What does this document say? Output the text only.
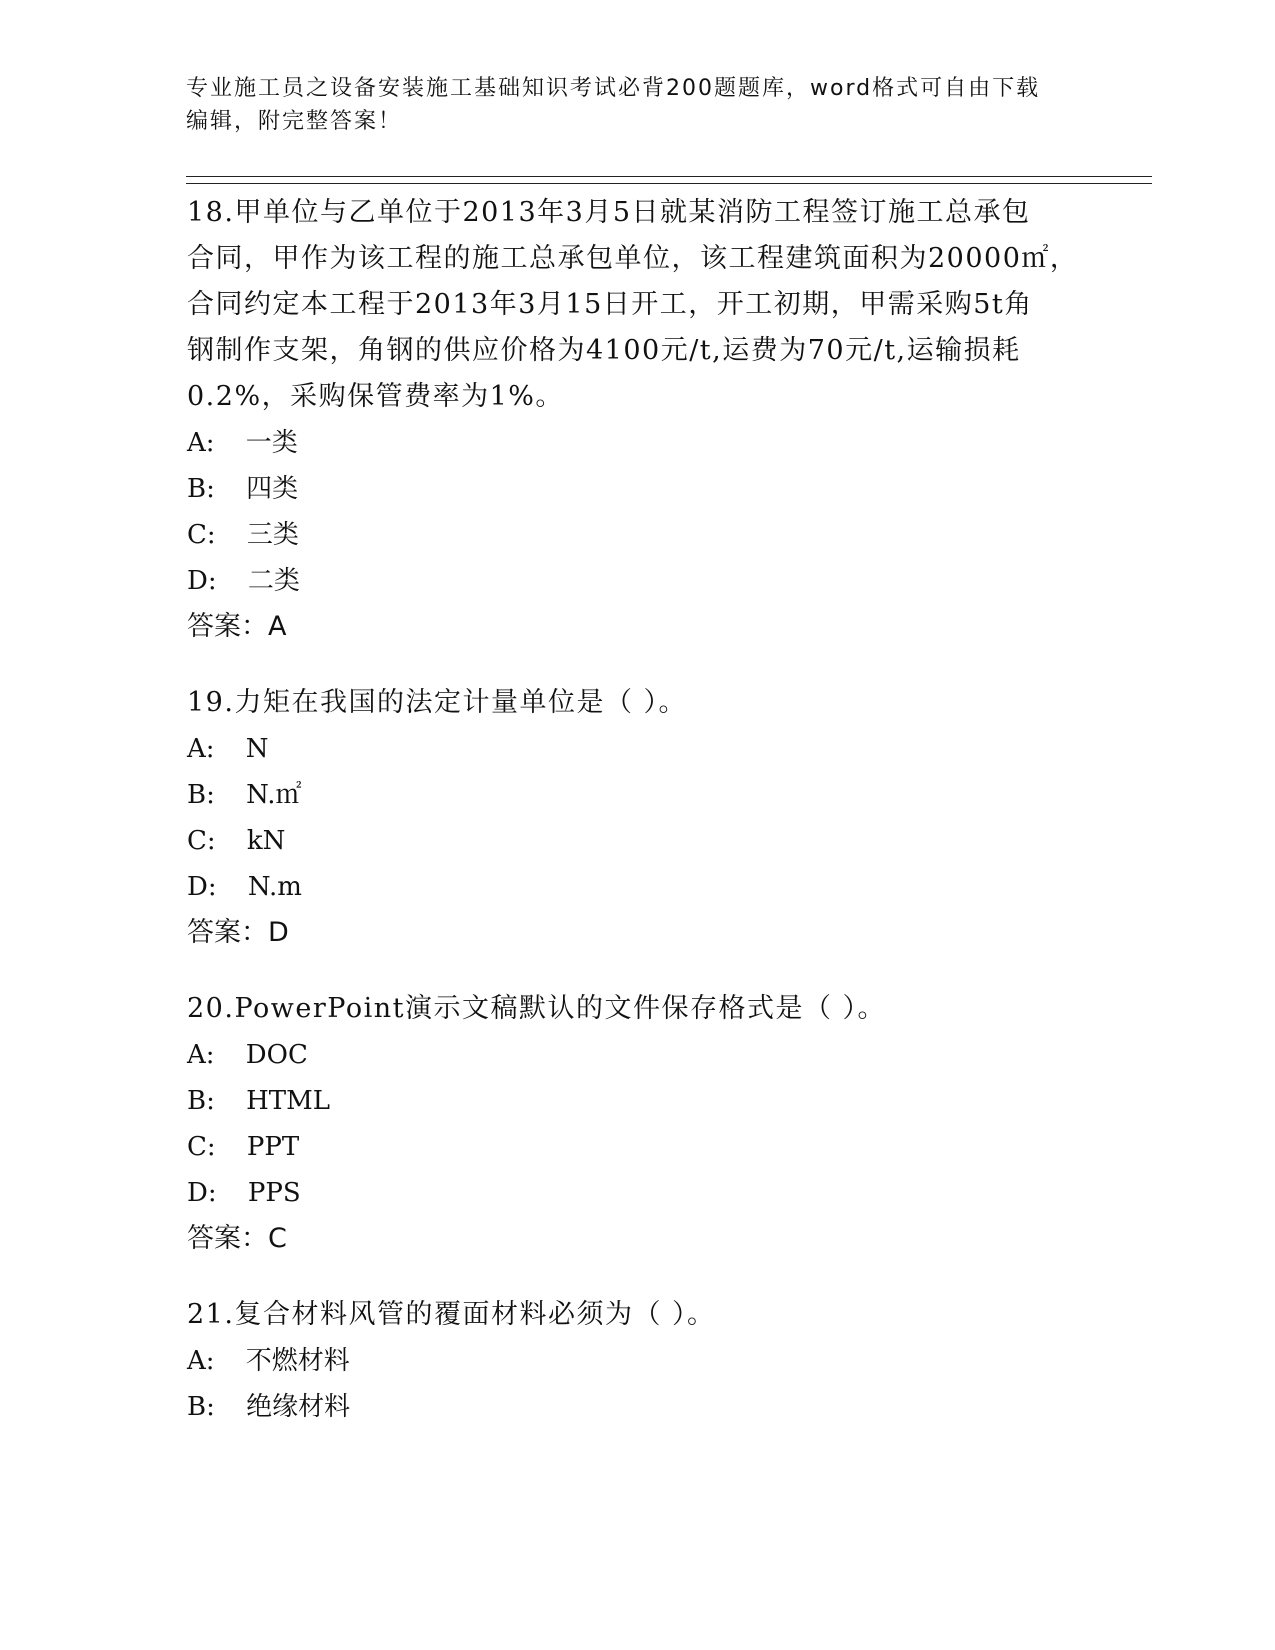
专业施工员之设备安装施工基础知识考试必背200题题库，word格式可自由下载
编辑，附完整答案！
18.甲单位与乙单位于2013年3月5日就某消防工程签订施工总承包
合同，甲作为该工程的施工总承包单位，该工程建筑面积为20000㎡，
合同约定本工程于2013年3月15日开工，开工初期，甲需采购5t角
钢制作支架，角钢的供应价格为4100元/t,运费为70元/t,运输损耗
0.2%，采购保管费率为1%。
A: 一类
B: 四类
C: 三类
D: 二类
答案：A
19.力矩在我国的法定计量单位是（ ）。
A: N
B: N.㎡
C: kN
D: N.m
答案：D
20.PowerPoint演示文稿默认的文件保存格式是（ ）。
A: DOC
B: HTML
C: PPT
D: PPS
答案：C
21.复合材料风管的覆面材料必须为（ ）。
A: 不燃材料
B: 绝缘材料
